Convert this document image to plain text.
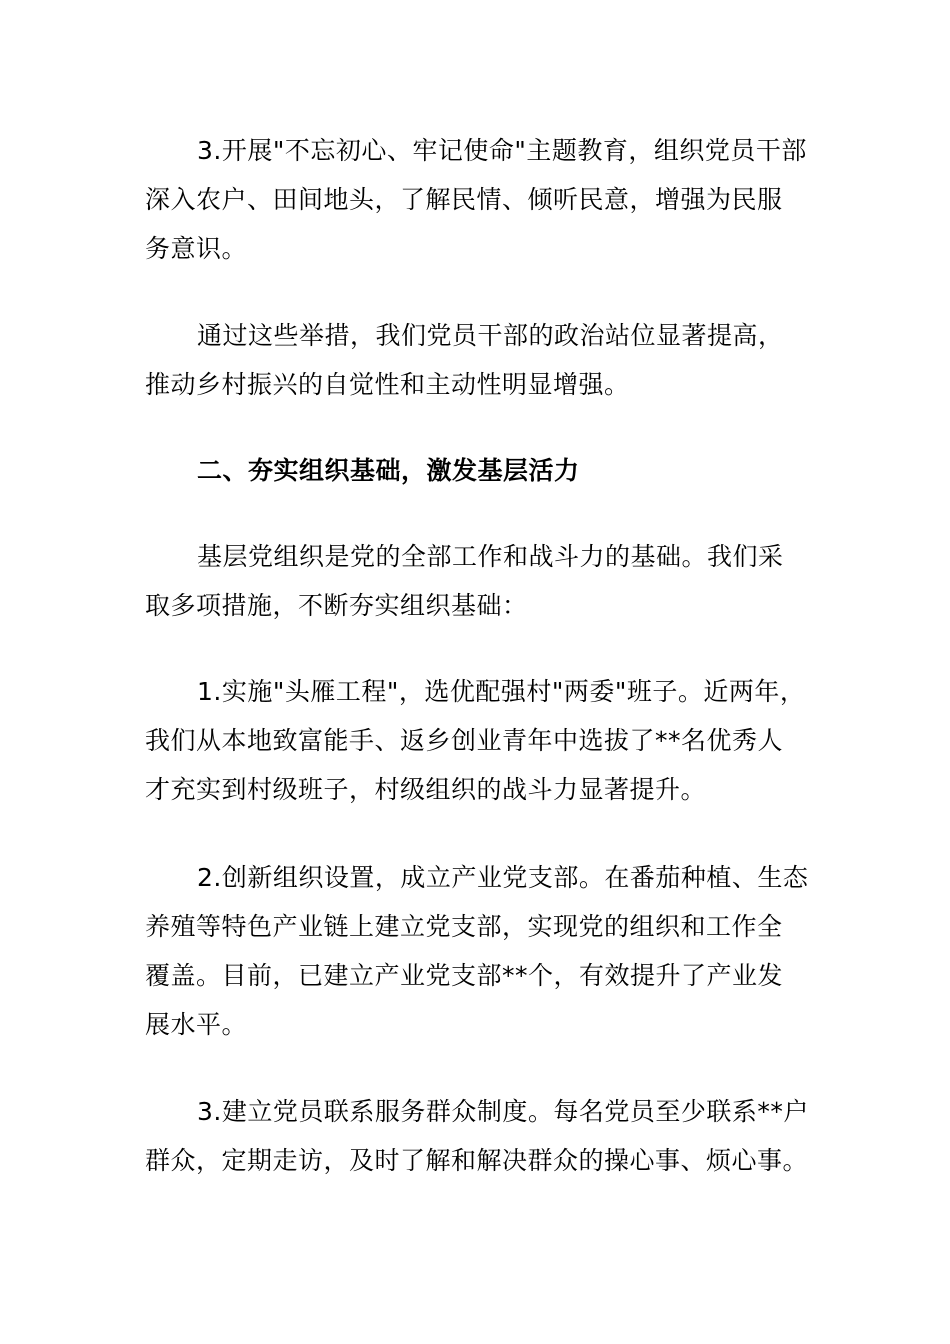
3.开展"不忘初心、牢记使命"主题教育，组织党员干部
深入农户、田间地头，了解民情、倾听民意，增强为民服
务意识。

通过这些举措，我们党员干部的政治站位显著提高，
推动乡村振兴的自觉性和主动性明显增强。

二、夯实组织基础，激发基层活力

基层党组织是党的全部工作和战斗力的基础。我们采
取多项措施，不断夯实组织基础：

1.实施"头雁工程"，选优配强村"两委"班子。近两年，
我们从本地致富能手、返乡创业青年中选拔了**名优秀人
才充实到村级班子，村级组织的战斗力显著提升。

2.创新组织设置，成立产业党支部。在番茄种植、生态
养殖等特色产业链上建立党支部，实现党的组织和工作全
覆盖。目前，已建立产业党支部**个，有效提升了产业发
展水平。

3.建立党员联系服务群众制度。每名党员至少联系**户
群众，定期走访，及时了解和解决群众的操心事、烦心事。
